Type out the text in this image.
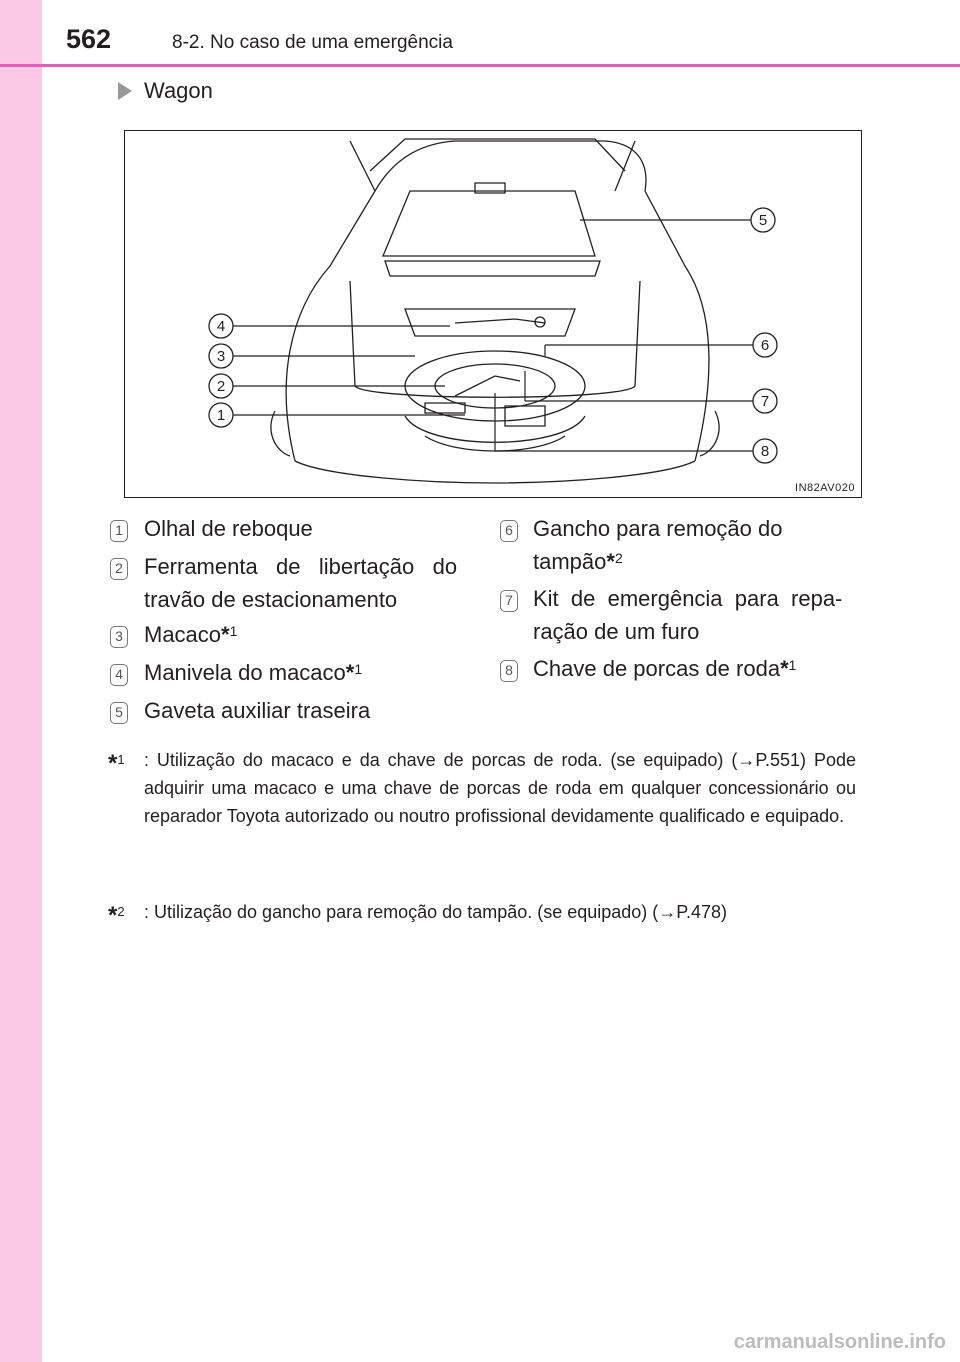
562	8-2. No caso de uma emergência
Wagon
5
4
3
2
1
6
7
8
IN82AV020
1 Olhal de reboque
2 Ferramenta   de   libertação   do
travão de estacionamento
3 Macaco*$^1$
4 Manivela do macaco*$^1$
5 Gaveta auxiliar traseira
6 Gancho para remoção do
tampão*$^2$
7 Kit  de  emergência  para  repa-
ração de um furo
8 Chave de porcas de roda*$^1$
*$^1$ : Utilização do macaco e da chave de porcas de roda. (se equipado) (→P.551) Pode adquirir uma macaco e uma chave de porcas de roda em qualquer concessionário ou reparador Toyota autorizado ou noutro profissional devidamente qualificado e equipado.
*$^2$ : Utilização do gancho para remoção do tampão. (se equipado) (→P.478)
carmanualsonline.info
